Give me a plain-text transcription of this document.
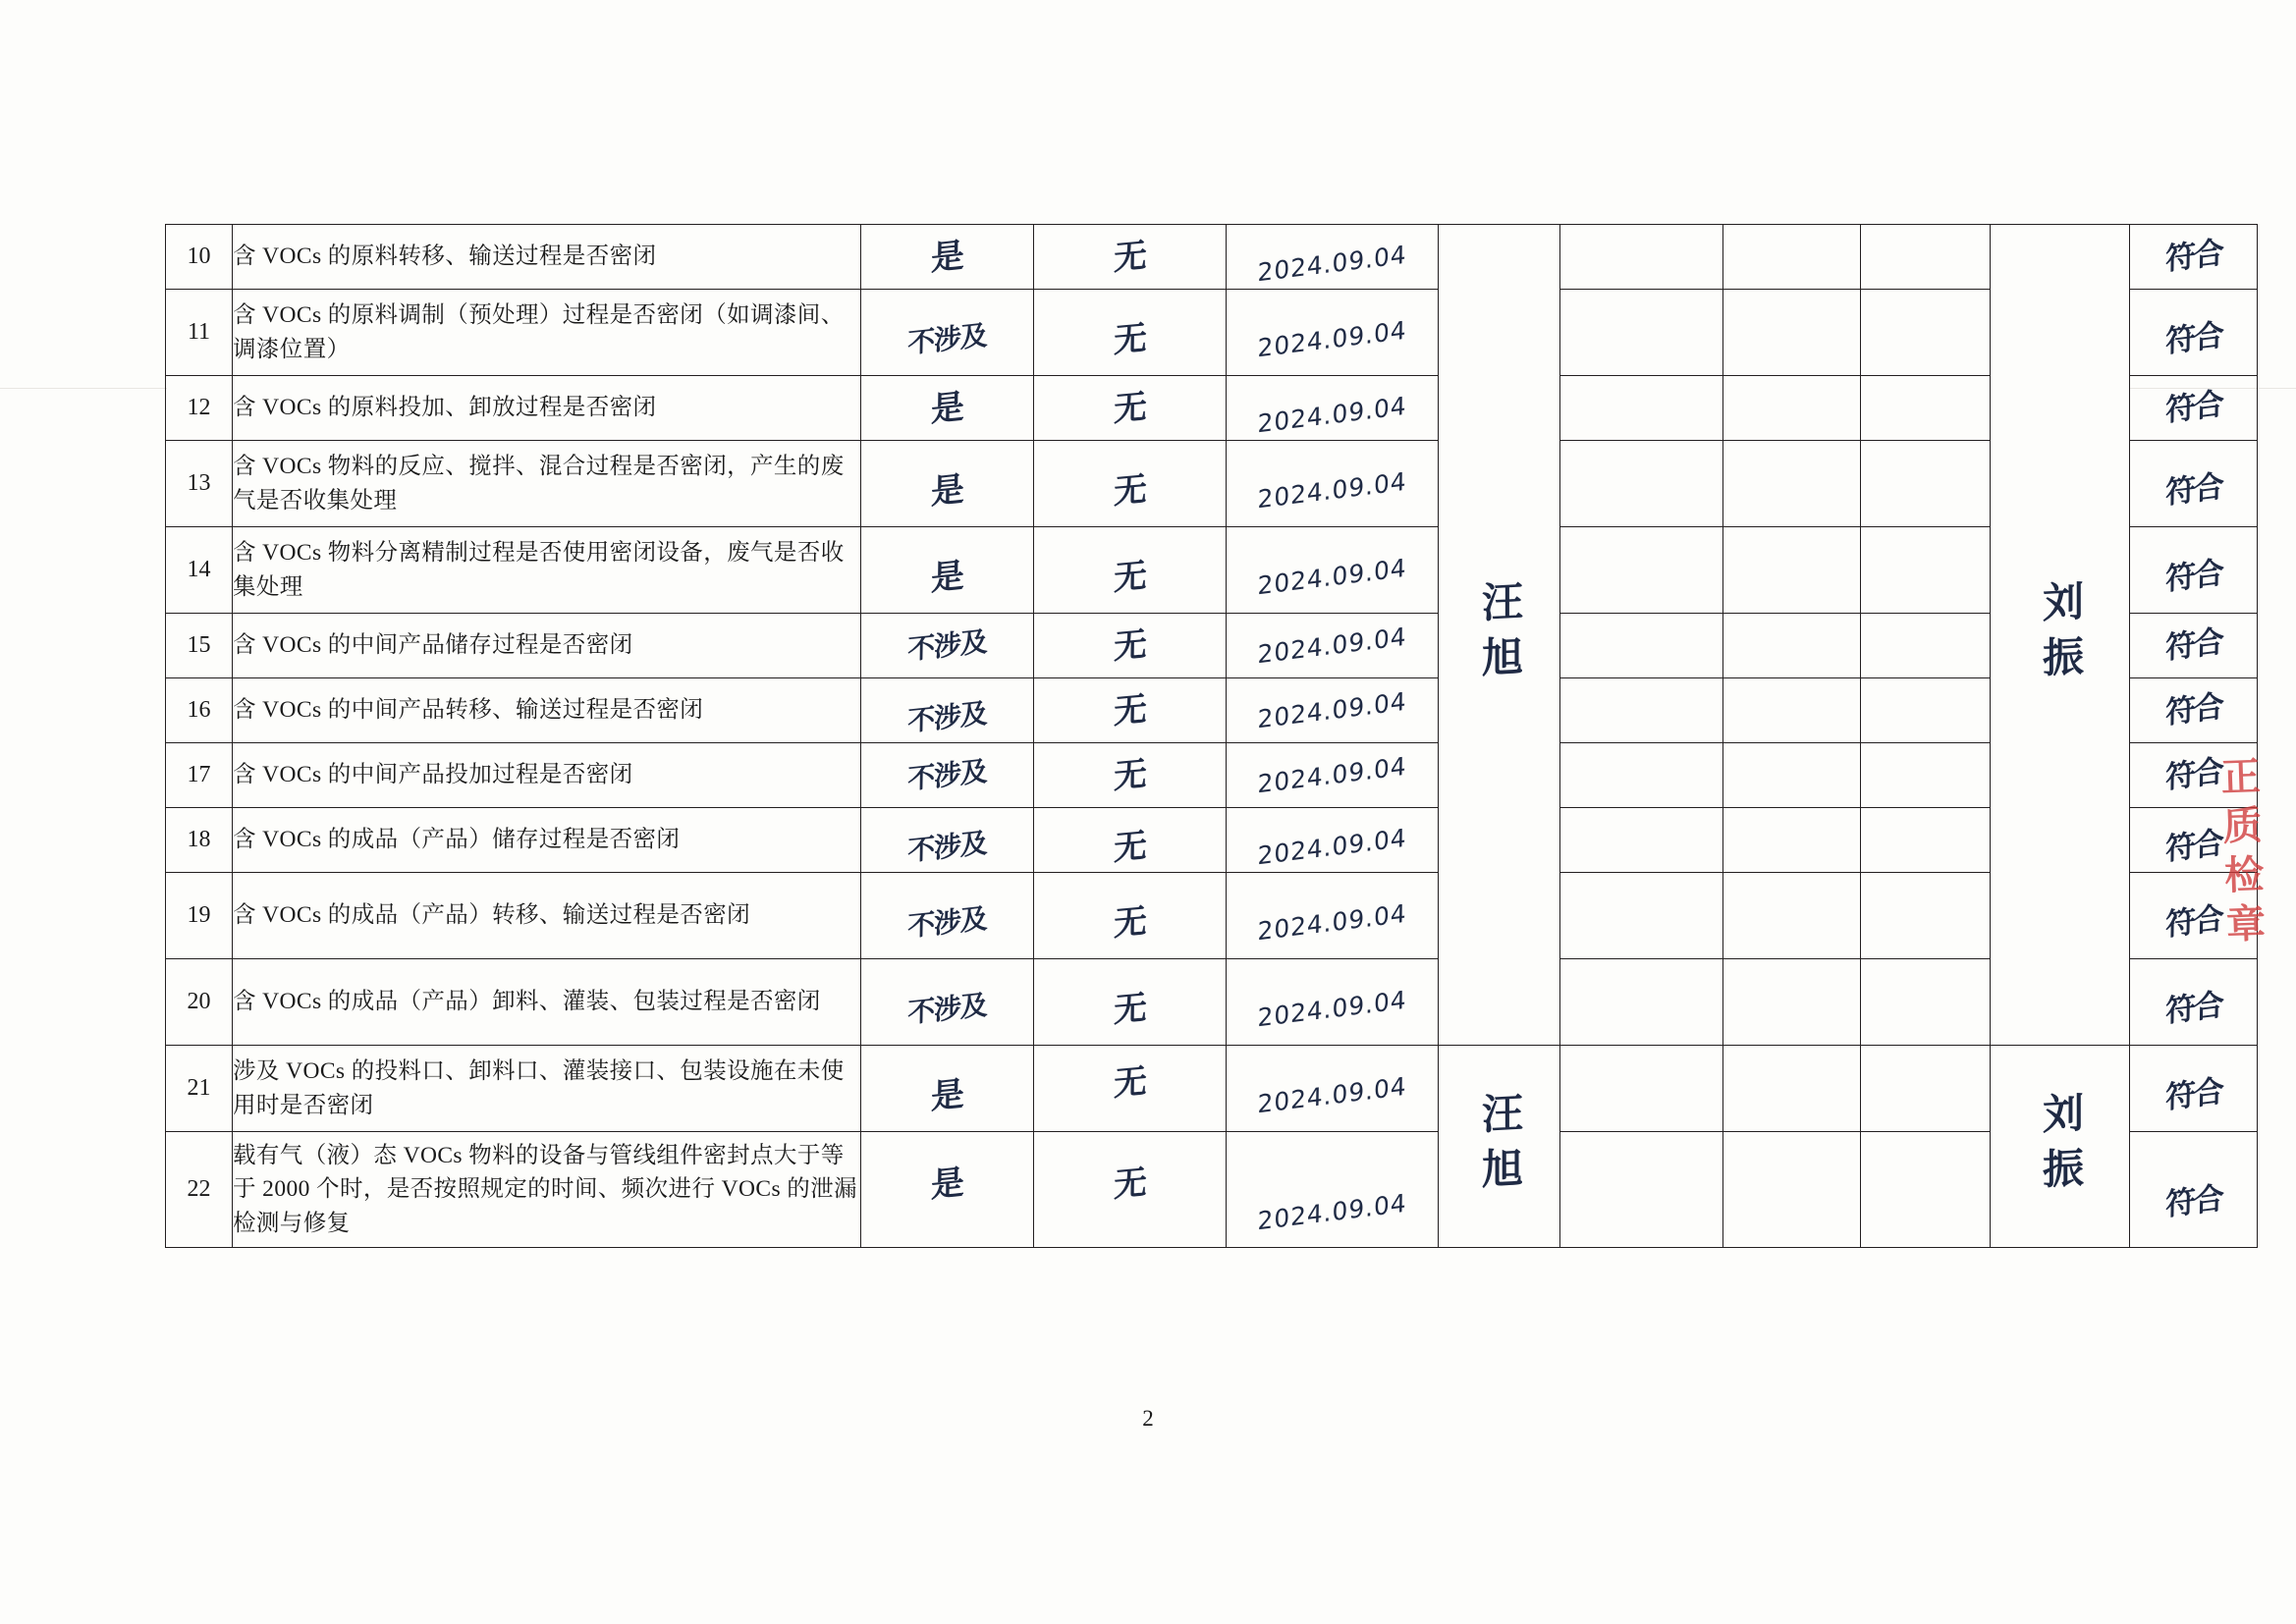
10	含 VOCs 的原料转移、输送过程是否密闭	是	无	2024.09.04	汪旭				刘振	符合

11	含 VOCs 的原料调制（预处理）过程是否密闭（如调漆间、调漆位置）	不涉及	无	2024.09.04						符合

12	含 VOCs 的原料投加、卸放过程是否密闭	是	无	2024.09.04						符合

13	含 VOCs 物料的反应、搅拌、混合过程是否密闭，产生的废气是否收集处理	是	无	2024.09.04						符合

14	含 VOCs 物料分离精制过程是否使用密闭设备，废气是否收集处理	是	无	2024.09.04						符合

15	含 VOCs 的中间产品储存过程是否密闭	不涉及	无	2024.09.04						符合

16	含 VOCs 的中间产品转移、输送过程是否密闭	不涉及	无	2024.09.04						符合

17	含 VOCs 的中间产品投加过程是否密闭	不涉及	无	2024.09.04						符合

18	含 VOCs 的成品（产品）储存过程是否密闭	不涉及	无	2024.09.04						符合

19	含 VOCs 的成品（产品）转移、输送过程是否密闭	不涉及	无	2024.09.04						符合

20	含 VOCs 的成品（产品）卸料、灌装、包装过程是否密闭	不涉及	无	2024.09.04						符合

21	涉及 VOCs 的投料口、卸料口、灌装接口、包装设施在未使用时是否密闭	是	无	2024.09.04	汪旭				刘振	符合

22	载有气（液）态 VOCs 物料的设备与管线组件密封点大于等于 2000 个时，是否按照规定的时间、频次进行 VOCs 的泄漏检测与修复	是	无	2024.09.04						符合
正质检章
2
